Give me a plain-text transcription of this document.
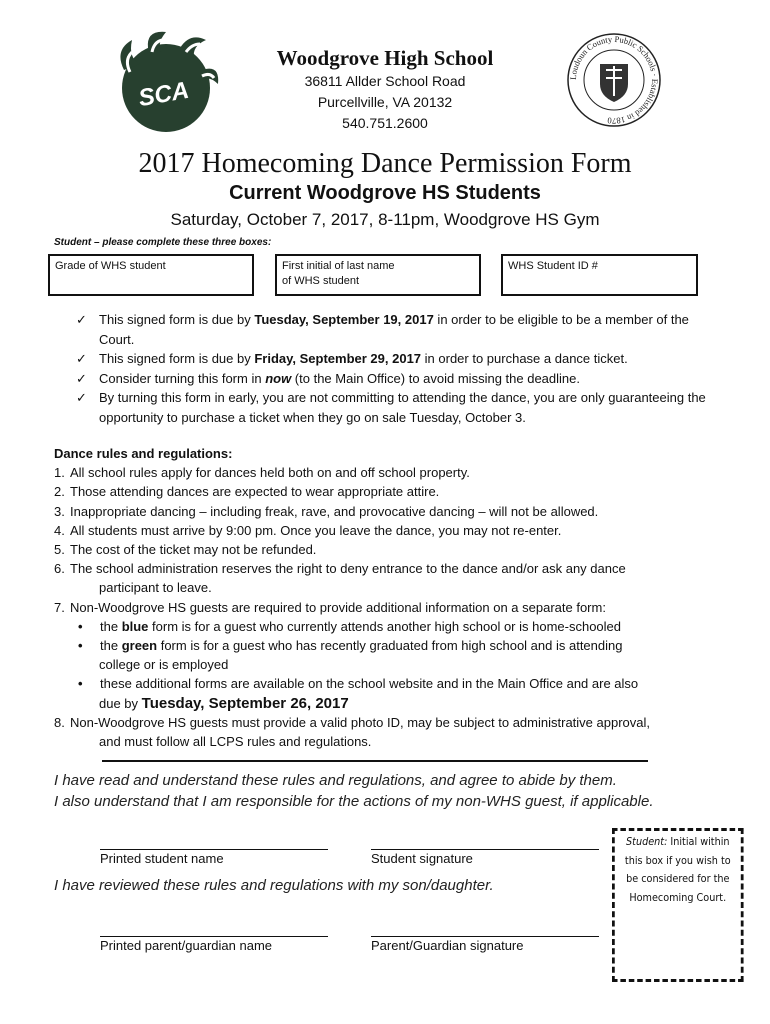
SCA	Loudoun County Public Schools · Established in 1870
Woodgrove High School
36811 Allder School Road
Purcellville, VA 20132
540.751.2600
2017 Homecoming Dance Permission Form
Current Woodgrove HS Students
Saturday, October 7, 2017, 8-11pm, Woodgrove HS Gym
Student – please complete these three boxes:
Grade of WHS student	First initial of last name of WHS student
WHS Student ID #
✓ This signed form is due by Tuesday, September 19, 2017 in order to be eligible to be a member of the Court.
✓ This signed form is due by Friday, September 29, 2017 in order to purchase a dance ticket.
✓ Consider turning this form in now (to the Main Office) to avoid missing the deadline.
✓ By turning this form in early, you are not committing to attending the dance, you are only guaranteeing the opportunity to purchase a ticket when they go on sale Tuesday, October 3.
Dance rules and regulations:
1. All school rules apply for dances held both on and off school property.
2. Those attending dances are expected to wear appropriate attire.
3. Inappropriate dancing – including freak, rave, and provocative dancing – will not be allowed.
4. All students must arrive by 9:00 pm. Once you leave the dance, you may not re-enter.
5. The cost of the ticket may not be refunded.
6. The school administration reserves the right to deny entrance to the dance and/or ask any dance
participant to leave.
7. Non-Woodgrove HS guests are required to provide additional information on a separate form:
•	the blue form is for a guest who currently attends another high school or is home-schooled
•	the green form is for a guest who has recently graduated from high school and is attending
college or is employed
•	these additional forms are available on the school website and in the Main Office and are also
due by Tuesday, September 26, 2017
8. Non-Woodgrove HS guests must provide a valid photo ID, may be subject to administrative approval,
and must follow all LCPS rules and regulations.
I have read and understand these rules and regulations, and agree to abide by them.
I also understand that I am responsible for the actions of my non-WHS guest, if applicable.
Printed student name	Student signature
I have reviewed these rules and regulations with my son/daughter.
Printed parent/guardian name	Parent/Guardian signature
Student: Initial within
this box if you wish to
be considered for the
Homecoming Court.
